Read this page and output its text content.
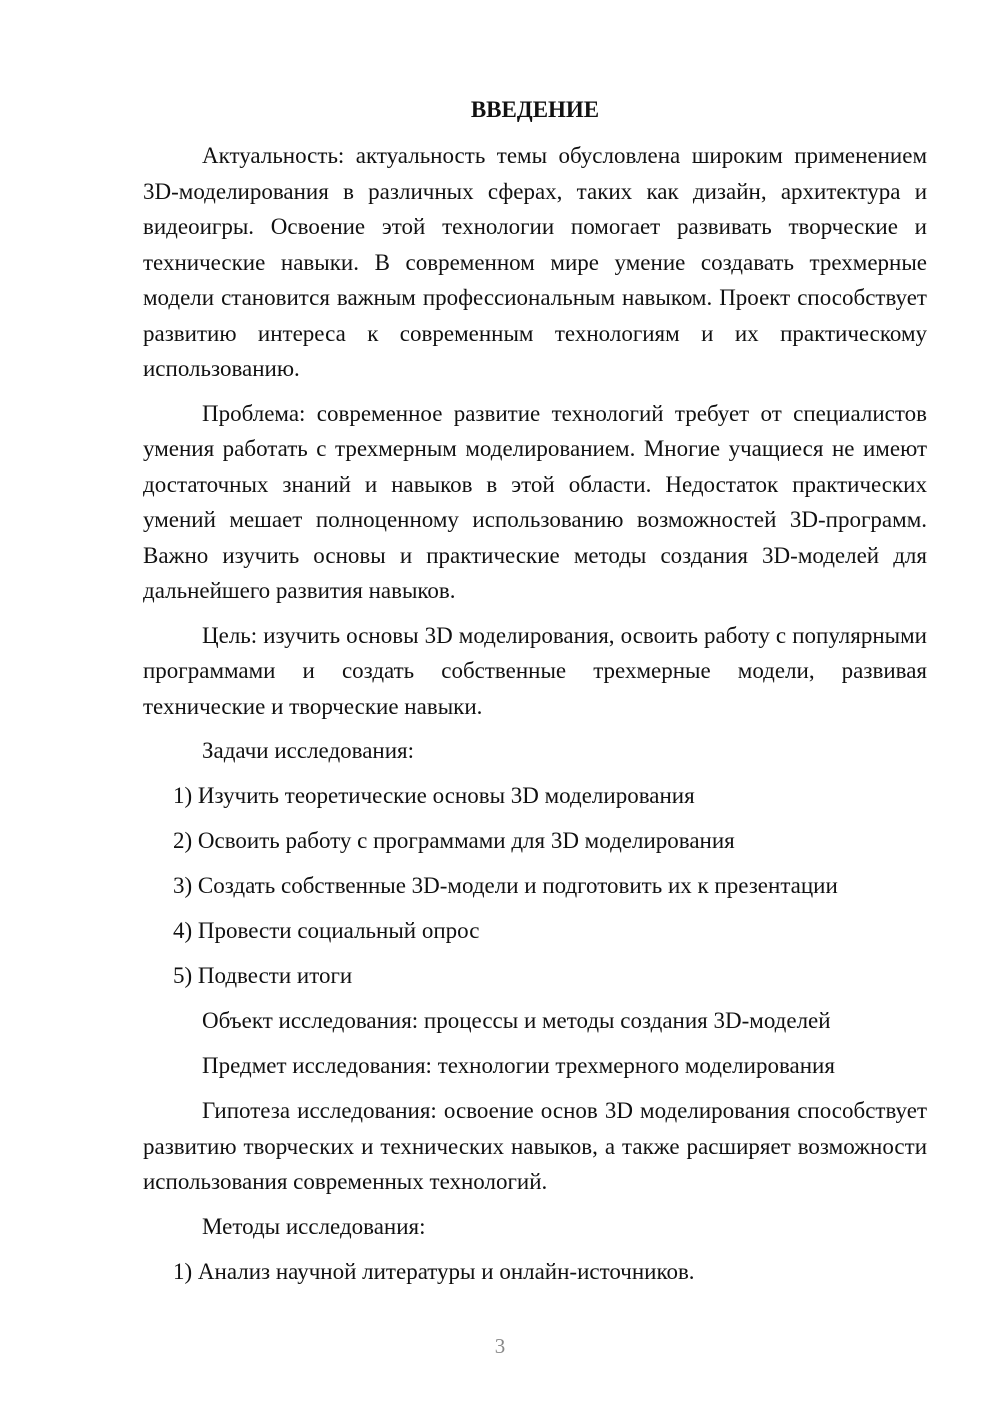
ВВЕДЕНИЕ

Актуальность: актуальность темы обусловлена широким применением 3D-моделирования в различных сферах, таких как дизайн, архитектура и видеоигры. Освоение этой технологии помогает развивать творческие и технические навыки. В современном мире умение создавать трехмерные модели становится важным профессиональным навыком. Проект способствует развитию интереса к современным технологиям и их практическому использованию.

Проблема: современное развитие технологий требует от специалистов умения работать с трехмерным моделированием. Многие учащиеся не имеют достаточных знаний и навыков в этой области. Недостаток практических умений мешает полноценному использованию возможностей 3D-программ. Важно изучить основы и практические методы создания 3D-моделей для дальнейшего развития навыков.

Цель: изучить основы 3D моделирования, освоить работу с популярными программами и создать собственные трехмерные модели, развивая технические и творческие навыки.

Задачи исследования:
1) Изучить теоретические основы 3D моделирования
2) Освоить работу с программами для 3D моделирования
3) Создать собственные 3D-модели и подготовить их к презентации
4) Провести социальный опрос
5) Подвести итоги
Объект исследования: процессы и методы создания 3D-моделей
Предмет исследования: технологии трехмерного моделирования

Гипотеза исследования: освоение основ 3D моделирования способствует развитию творческих и технических навыков, а также расширяет возможности использования современных технологий.

Методы исследования:
1) Анализ научной литературы и онлайн-источников.
3
